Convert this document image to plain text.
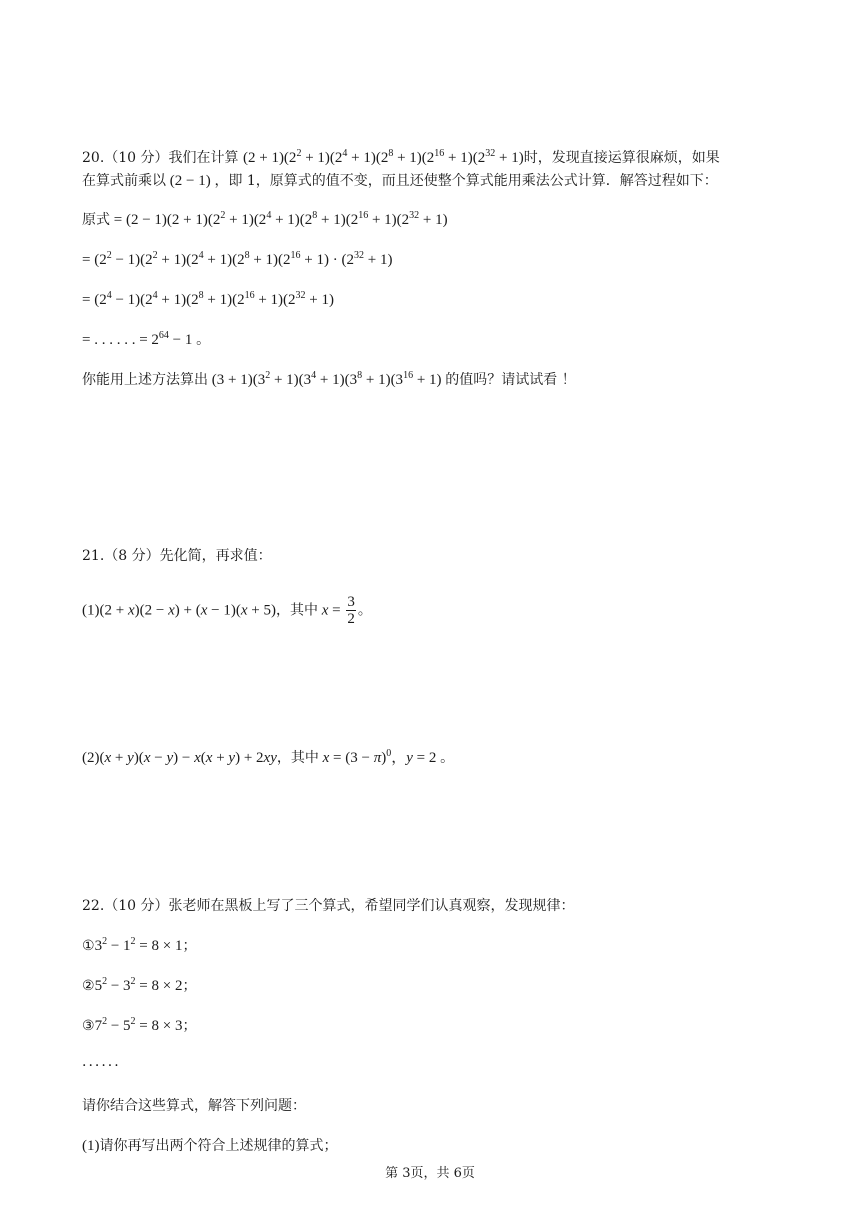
20.（10 分）我们在计算 $(2 + 1)(2^2 + 1)(2^4 + 1)(2^8 + 1)(2^{16} + 1)(2^{32} + 1)$时，发现直接运算很麻烦，如果
在算式前乘以 (2 − 1) ，即 1，原算式的值不变，而且还使整个算式能用乘法公式计算．解答过程如下：
原式 = $(2 - 1)(2 + 1)(2^2 + 1)(2^4 + 1)(2^8 + 1)(2^{16} + 1)(2^{32} + 1)$
= $(2^2 - 1)(2^2 + 1)(2^4 + 1)(2^8 + 1)(2^{16} + 1) \cdot (2^{32} + 1)$
= $(2^4 - 1)(2^4 + 1)(2^8 + 1)(2^{16} + 1)(2^{32} + 1)$
= . . . . . . = $2^{64} - 1$ 。
你能用上述方法算出 $(3 + 1)(3^2 + 1)(3^4 + 1)(3^8 + 1)(3^{16} + 1)$ 的值吗？请试试看 ！
21.（8 分）先化简，再求值：
(1)(2 + x)(2 − x) + (x − 1)(x + 5)，其中 $x = \frac{3}{2}$ 。
(2)(x + y)(x − y) − x(x + y) + 2xy，其中 $x = (3 - \pi)^0$，y = 2 。
22.（10 分）张老师在黑板上写了三个算式，希望同学们认真观察，发现规律：
$①3^2 - 1^2 = 8 \times 1$；
$②5^2 - 3^2 = 8 \times 2$；
$③7^2 - 5^2 = 8 \times 3$；
······
请你结合这些算式，解答下列问题：
(1)请你再写出两个符合上述规律的算式；
第 3页，共 6页
